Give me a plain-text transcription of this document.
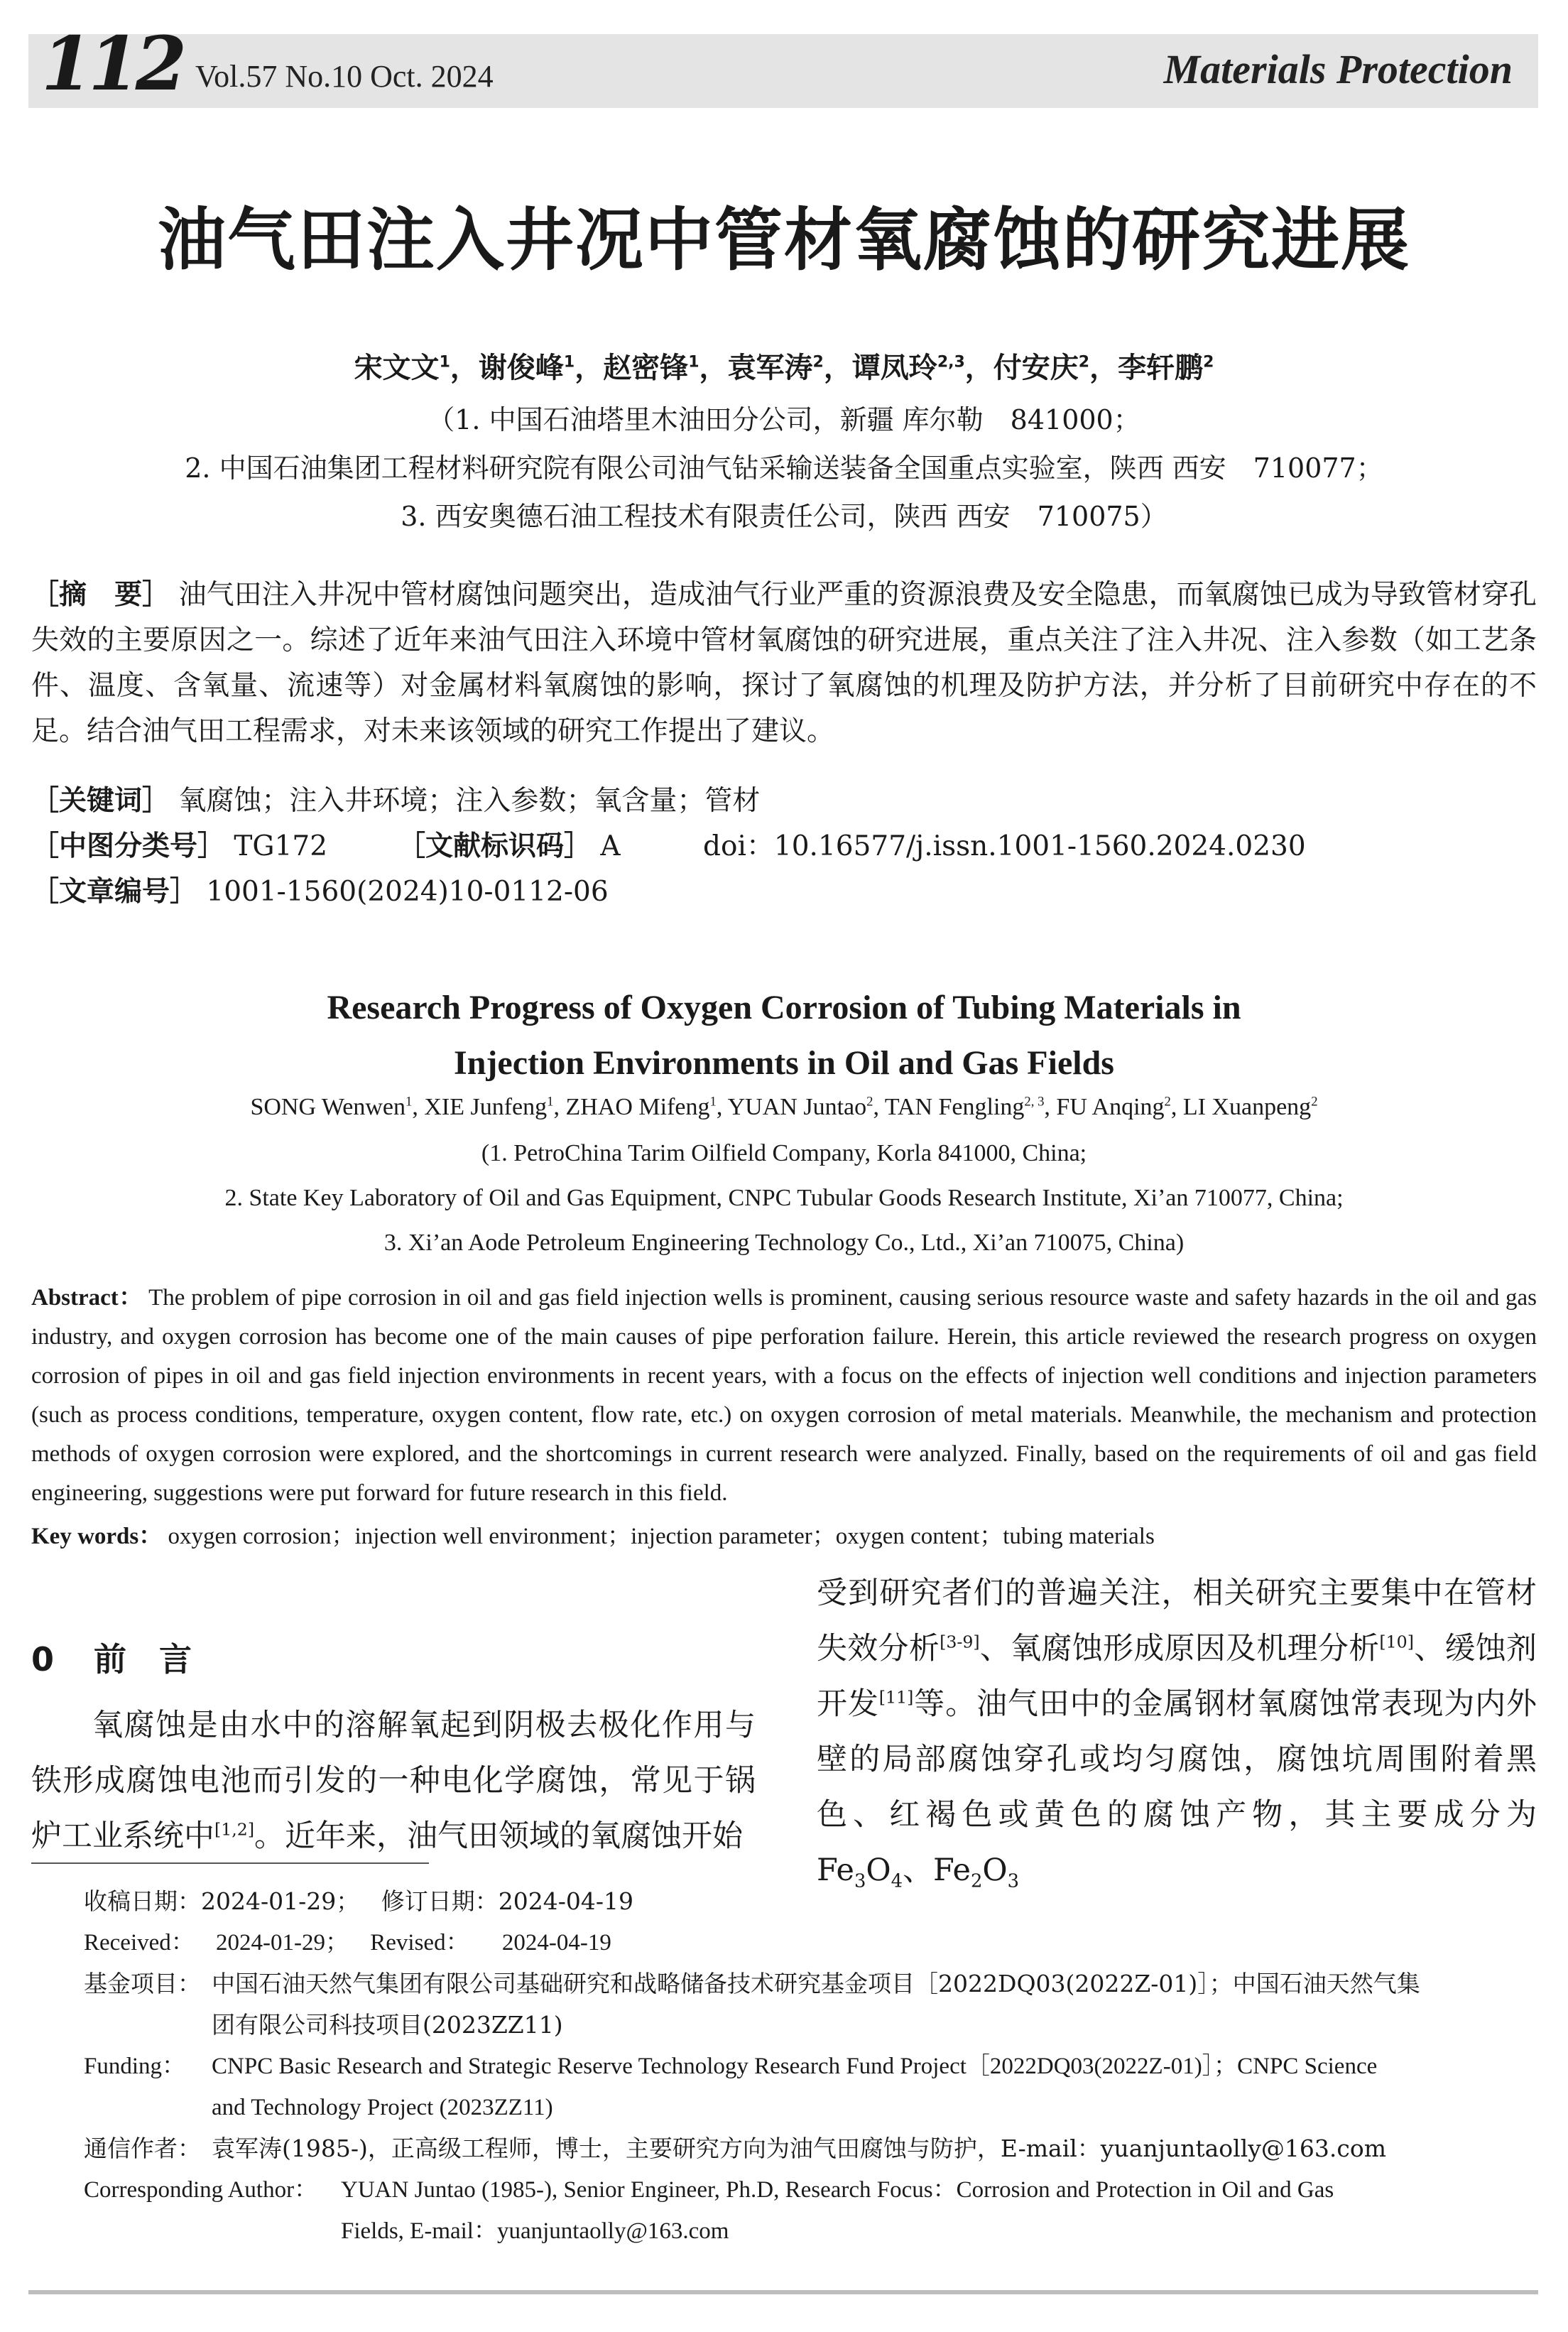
112 Vol.57 No.10 Oct. 2024	Materials Protection
油气田注入井况中管材氧腐蚀的研究进展
宋文文$^1$，谢俊峰$^1$，赵密锋$^1$，袁军涛$^2$，谭凤玲$^{2,3}$，付安庆$^2$，李轩鹏$^2$
（1. 中国石油塔里木油田分公司，新疆 库尔勒　841000；
2. 中国石油集团工程材料研究院有限公司油气钻采输送装备全国重点实验室，陕西 西安　710077；
3. 西安奥德石油工程技术有限责任公司，陕西 西安　710075）
［摘　要］ 油气田注入井况中管材腐蚀问题突出，造成油气行业严重的资源浪费及安全隐患，而氧腐蚀已成为导致管材穿孔失效的主要原因之一。综述了近年来油气田注入环境中管材氧腐蚀的研究进展，重点关注了注入井况、注入参数（如工艺条件、温度、含氧量、流速等）对金属材料氧腐蚀的影响，探讨了氧腐蚀的机理及防护方法，并分析了目前研究中存在的不足。结合油气田工程需求，对未来该领域的研究工作提出了建议。
［关键词］ 氧腐蚀；注入井环境；注入参数；氧含量；管材
［中图分类号］ TG172	［文献标识码］ A	doi：10.16577/j.issn.1001-1560.2024.0230
［文章编号］ 1001-1560(2024)10-0112-06
Research Progress of Oxygen Corrosion of Tubing Materials in
Injection Environments in Oil and Gas Fields
SONG Wenwen$^1$, XIE Junfeng$^1$, ZHAO Mifeng$^1$, YUAN Juntao$^2$, TAN Fengling$^{2, 3}$, FU Anqing$^2$, LI Xuanpeng$^2$
(1. PetroChina Tarim Oilfield Company, Korla 841000, China;
2. State Key Laboratory of Oil and Gas Equipment, CNPC Tubular Goods Research Institute, Xi’an 710077, China;
3. Xi’an Aode Petroleum Engineering Technology Co., Ltd., Xi’an 710075, China)
Abstract： The problem of pipe corrosion in oil and gas field injection wells is prominent, causing serious resource waste and safety hazards in the oil and gas industry, and oxygen corrosion has become one of the main causes of pipe perforation failure. Herein, this article reviewed the research progress on oxygen corrosion of pipes in oil and gas field injection environments in recent years, with a focus on the effects of injection well conditions and injection parameters (such as process conditions, temperature, oxygen content, flow rate, etc.) on oxygen corrosion of metal materials. Meanwhile, the mechanism and protection methods of oxygen corrosion were explored, and the shortcomings in current research were analyzed. Finally, based on the requirements of oil and gas field engineering, suggestions were put forward for future research in this field.
Key words： oxygen corrosion；injection well environment；injection parameter；oxygen content；tubing materials
0 前　言
氧腐蚀是由水中的溶解氧起到阴极去极化作用与铁形成腐蚀电池而引发的一种电化学腐蚀，常见于锅炉工业系统中[1,2]。近年来，油气田领域的氧腐蚀开始
受到研究者们的普遍关注，相关研究主要集中在管材失效分析[3-9]、氧腐蚀形成原因及机理分析[10]、缓蚀剂开发[11]等。油气田中的金属钢材氧腐蚀常表现为内外壁的局部腐蚀穿孔或均匀腐蚀，腐蚀坑周围附着黑色、红褐色或黄色的腐蚀产物，其主要成分为 $Fe_3O_4$、$Fe_2O_3$
收稿日期：2024-01-29； 修订日期：2024-04-19
Received： 2024-01-29； Revised： 2024-04-19
基金项目： 中国石油天然气集团有限公司基础研究和战略储备技术研究基金项目［2022DQ03(2022Z-01)］；中国石油天然气集
团有限公司科技项目(2023ZZ11)
Funding： CNPC Basic Research and Strategic Reserve Technology Research Fund Project［2022DQ03(2022Z-01)］；CNPC Science
and Technology Project (2023ZZ11)
通信作者： 袁军涛(1985-)，正高级工程师，博士，主要研究方向为油气田腐蚀与防护，E-mail：yuanjuntaolly@163.com
Corresponding Author： YUAN Juntao (1985-), Senior Engineer, Ph.D, Research Focus：Corrosion and Protection in Oil and Gas
Fields, E-mail：yuanjuntaolly@163.com
